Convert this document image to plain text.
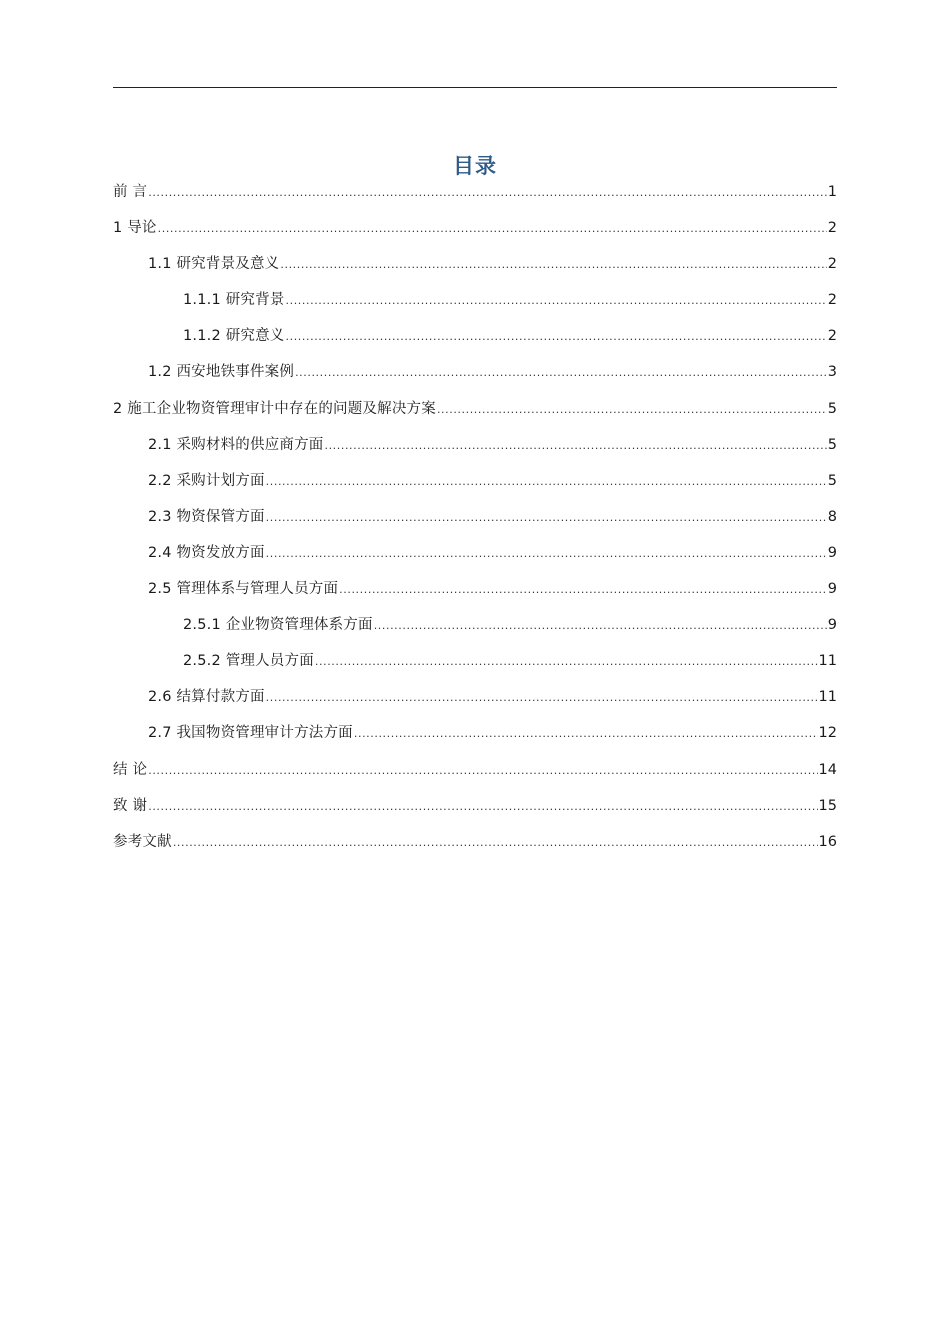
目录
前 言 .....	1
1 导论 .....	2
1.1 研究背景及意义 .....	2
1.1.1 研究背景 .....	2
1.1.2 研究意义 .....	2
1.2 西安地铁事件案例 .....	3
2 施工企业物资管理审计中存在的问题及解决方案 .....	5
2.1 采购材料的供应商方面 .....	5
2.2 采购计划方面 .....	5
2.3 物资保管方面 .....	8
2.4 物资发放方面 .....	9
2.5 管理体系与管理人员方面 .....	9
2.5.1 企业物资管理体系方面 .....	9
2.5.2 管理人员方面 .....	11
2.6 结算付款方面 .....	11
2.7 我国物资管理审计方法方面 .....	12
结 论 .....	14
致 谢 .....	15
参考文献 .....	16
